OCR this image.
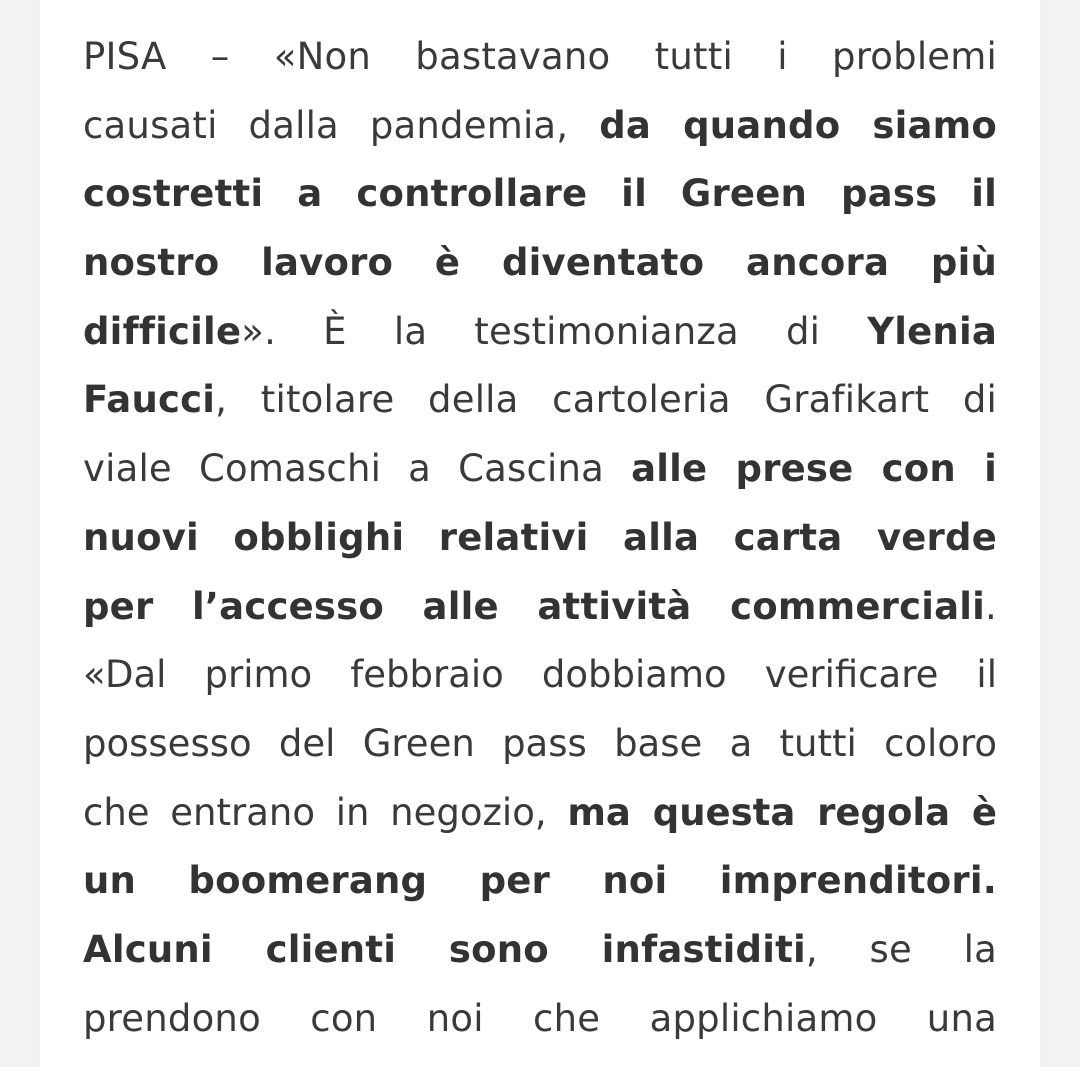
PISA – «Non bastavano tutti i problemi
causati dalla pandemia, da quando siamo
costretti a controllare il Green pass il
nostro lavoro è diventato ancora più
difficile». È la testimonianza di Ylenia
Faucci, titolare della cartoleria Grafikart di
viale Comaschi a Cascina alle prese con i
nuovi obblighi relativi alla carta verde
per l’accesso alle attività commerciali.
«Dal primo febbraio dobbiamo verificare il
possesso del Green pass base a tutti coloro
che entrano in negozio, ma questa regola è
un boomerang per noi imprenditori.
Alcuni clienti sono infastiditi, se la
prendono con noi che applichiamo una
